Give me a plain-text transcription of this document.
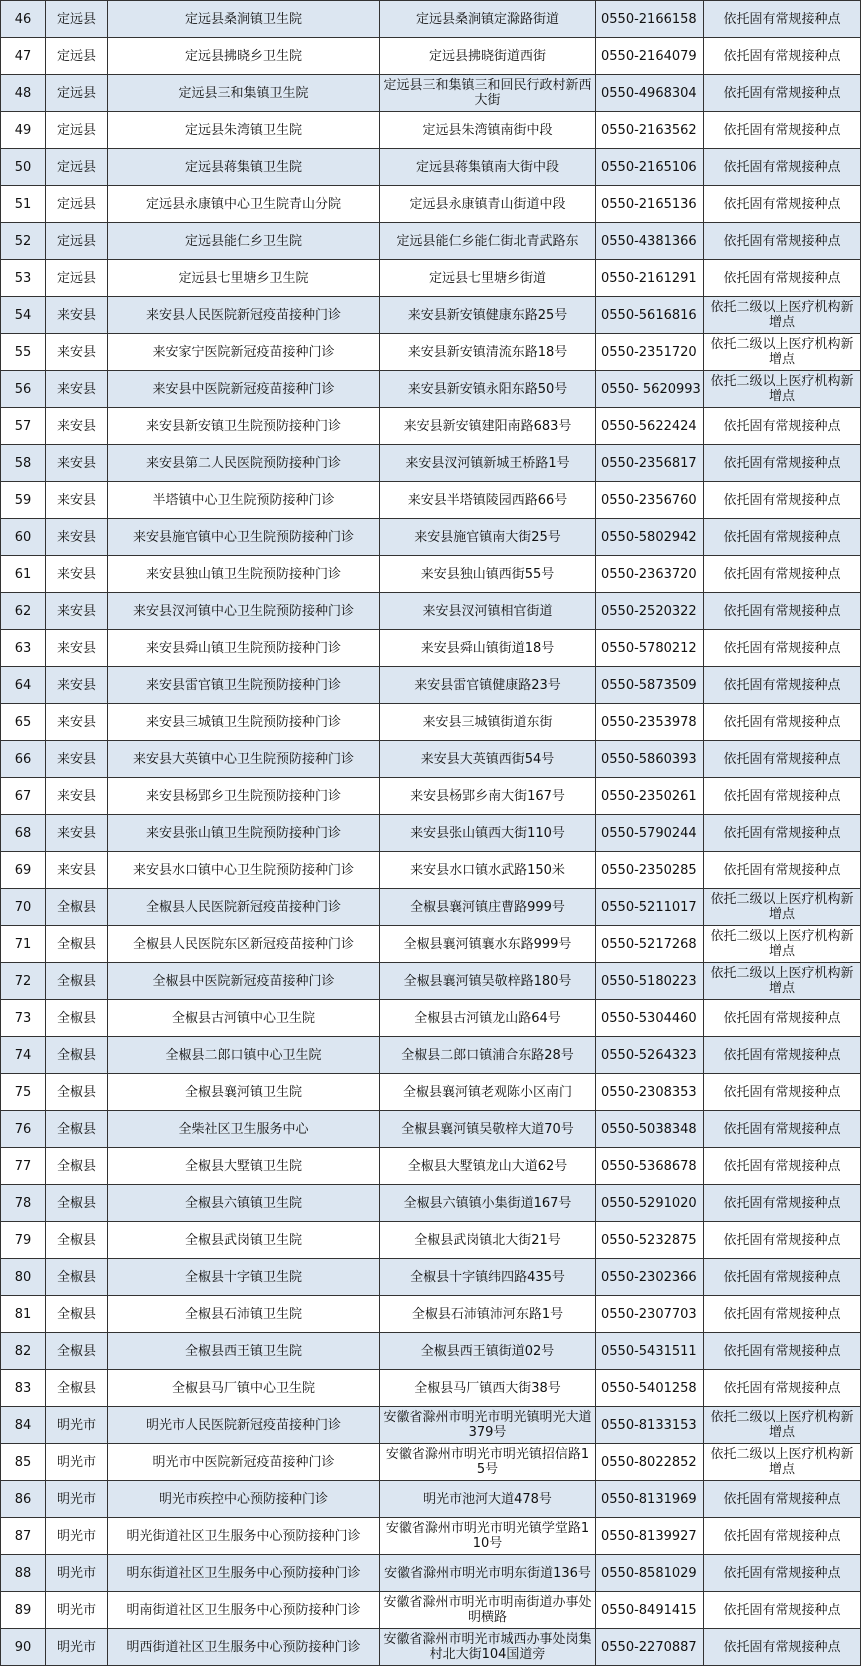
46	定远县	定远县桑涧镇卫生院	定远县桑涧镇定滁路街道	0550-2166158	依托固有常规接种点
47	定远县	定远县拂晓乡卫生院	定远县拂晓街道西街	0550-2164079	依托固有常规接种点
48	定远县	定远县三和集镇卫生院	定远县三和集镇三和回民行政村新西大街	0550-4968304	依托固有常规接种点
49	定远县	定远县朱湾镇卫生院	定远县朱湾镇南街中段	0550-2163562	依托固有常规接种点
50	定远县	定远县蒋集镇卫生院	定远县蒋集镇南大街中段	0550-2165106	依托固有常规接种点
51	定远县	定远县永康镇中心卫生院青山分院	定远县永康镇青山街道中段	0550-2165136	依托固有常规接种点
52	定远县	定远县能仁乡卫生院	定远县能仁乡能仁街北青武路东	0550-4381366	依托固有常规接种点
53	定远县	定远县七里塘乡卫生院	定远县七里塘乡街道	0550-2161291	依托固有常规接种点
54	来安县	来安县人民医院新冠疫苗接种门诊	来安县新安镇健康东路25号	0550-5616816	依托二级以上医疗机构新增点
55	来安县	来安家宁医院新冠疫苗接种门诊	来安县新安镇清流东路18号	0550-2351720	依托二级以上医疗机构新增点
56	来安县	来安县中医院新冠疫苗接种门诊	来安县新安镇永阳东路50号	0550- 5620993	依托二级以上医疗机构新增点
57	来安县	来安县新安镇卫生院预防接种门诊	来安县新安镇建阳南路683号	0550-5622424	依托固有常规接种点
58	来安县	来安县第二人民医院预防接种门诊	来安县汊河镇新城王桥路1号	0550-2356817	依托固有常规接种点
59	来安县	半塔镇中心卫生院预防接种门诊	来安县半塔镇陵园西路66号	0550-2356760	依托固有常规接种点
60	来安县	来安县施官镇中心卫生院预防接种门诊	来安县施官镇南大街25号	0550-5802942	依托固有常规接种点
61	来安县	来安县独山镇卫生院预防接种门诊	来安县独山镇西街55号	0550-2363720	依托固有常规接种点
62	来安县	来安县汊河镇中心卫生院预防接种门诊	来安县汊河镇相官街道	0550-2520322	依托固有常规接种点
63	来安县	来安县舜山镇卫生院预防接种门诊	来安县舜山镇街道18号	0550-5780212	依托固有常规接种点
64	来安县	来安县雷官镇卫生院预防接种门诊	来安县雷官镇健康路23号	0550-5873509	依托固有常规接种点
65	来安县	来安县三城镇卫生院预防接种门诊	来安县三城镇街道东街	0550-2353978	依托固有常规接种点
66	来安县	来安县大英镇中心卫生院预防接种门诊	来安县大英镇西街54号	0550-5860393	依托固有常规接种点
67	来安县	来安县杨郢乡卫生院预防接种门诊	来安县杨郢乡南大街167号	0550-2350261	依托固有常规接种点
68	来安县	来安县张山镇卫生院预防接种门诊	来安县张山镇西大街110号	0550-5790244	依托固有常规接种点
69	来安县	来安县水口镇中心卫生院预防接种门诊	来安县水口镇水武路150米	0550-2350285	依托固有常规接种点
70	全椒县	全椒县人民医院新冠疫苗接种门诊	全椒县襄河镇庄曹路999号	0550-5211017	依托二级以上医疗机构新增点
71	全椒县	全椒县人民医院东区新冠疫苗接种门诊	全椒县襄河镇襄水东路999号	0550-5217268	依托二级以上医疗机构新增点
72	全椒县	全椒县中医院新冠疫苗接种门诊	全椒县襄河镇吴敬梓路180号	0550-5180223	依托二级以上医疗机构新增点
73	全椒县	全椒县古河镇中心卫生院	全椒县古河镇龙山路64号	0550-5304460	依托固有常规接种点
74	全椒县	全椒县二郎口镇中心卫生院	全椒县二郎口镇浦合东路28号	0550-5264323	依托固有常规接种点
75	全椒县	全椒县襄河镇卫生院	全椒县襄河镇老观陈小区南门	0550-2308353	依托固有常规接种点
76	全椒县	全柴社区卫生服务中心	全椒县襄河镇吴敬梓大道70号	0550-5038348	依托固有常规接种点
77	全椒县	全椒县大墅镇卫生院	全椒县大墅镇龙山大道62号	0550-5368678	依托固有常规接种点
78	全椒县	全椒县六镇镇卫生院	全椒县六镇镇小集街道167号	0550-5291020	依托固有常规接种点
79	全椒县	全椒县武岗镇卫生院	全椒县武岗镇北大街21号	0550-5232875	依托固有常规接种点
80	全椒县	全椒县十字镇卫生院	全椒县十字镇纬四路435号	0550-2302366	依托固有常规接种点
81	全椒县	全椒县石沛镇卫生院	全椒县石沛镇沛河东路1号	0550-2307703	依托固有常规接种点
82	全椒县	全椒县西王镇卫生院	全椒县西王镇街道02号	0550-5431511	依托固有常规接种点
83	全椒县	全椒县马厂镇中心卫生院	全椒县马厂镇西大街38号	0550-5401258	依托固有常规接种点
84	明光市	明光市人民医院新冠疫苗接种门诊	安徽省滁州市明光市明光镇明光大道379号	0550-8133153	依托二级以上医疗机构新增点
85	明光市	明光市中医院新冠疫苗接种门诊	安徽省滁州市明光市明光镇招信路15号	0550-8022852	依托二级以上医疗机构新增点
86	明光市	明光市疾控中心预防接种门诊	明光市池河大道478号	0550-8131969	依托固有常规接种点
87	明光市	明光街道社区卫生服务中心预防接种门诊	安徽省滁州市明光市明光镇学堂路110号	0550-8139927	依托固有常规接种点
88	明光市	明东街道社区卫生服务中心预防接种门诊	安徽省滁州市明光市明东街道136号	0550-8581029	依托固有常规接种点
89	明光市	明南街道社区卫生服务中心预防接种门诊	安徽省滁州市明光市明南街道办事处明横路	0550-8491415	依托固有常规接种点
90	明光市	明西街道社区卫生服务中心预防接种门诊	安徽省滁州市明光市城西办事处岗集村北大街104国道旁	0550-2270887	依托固有常规接种点
